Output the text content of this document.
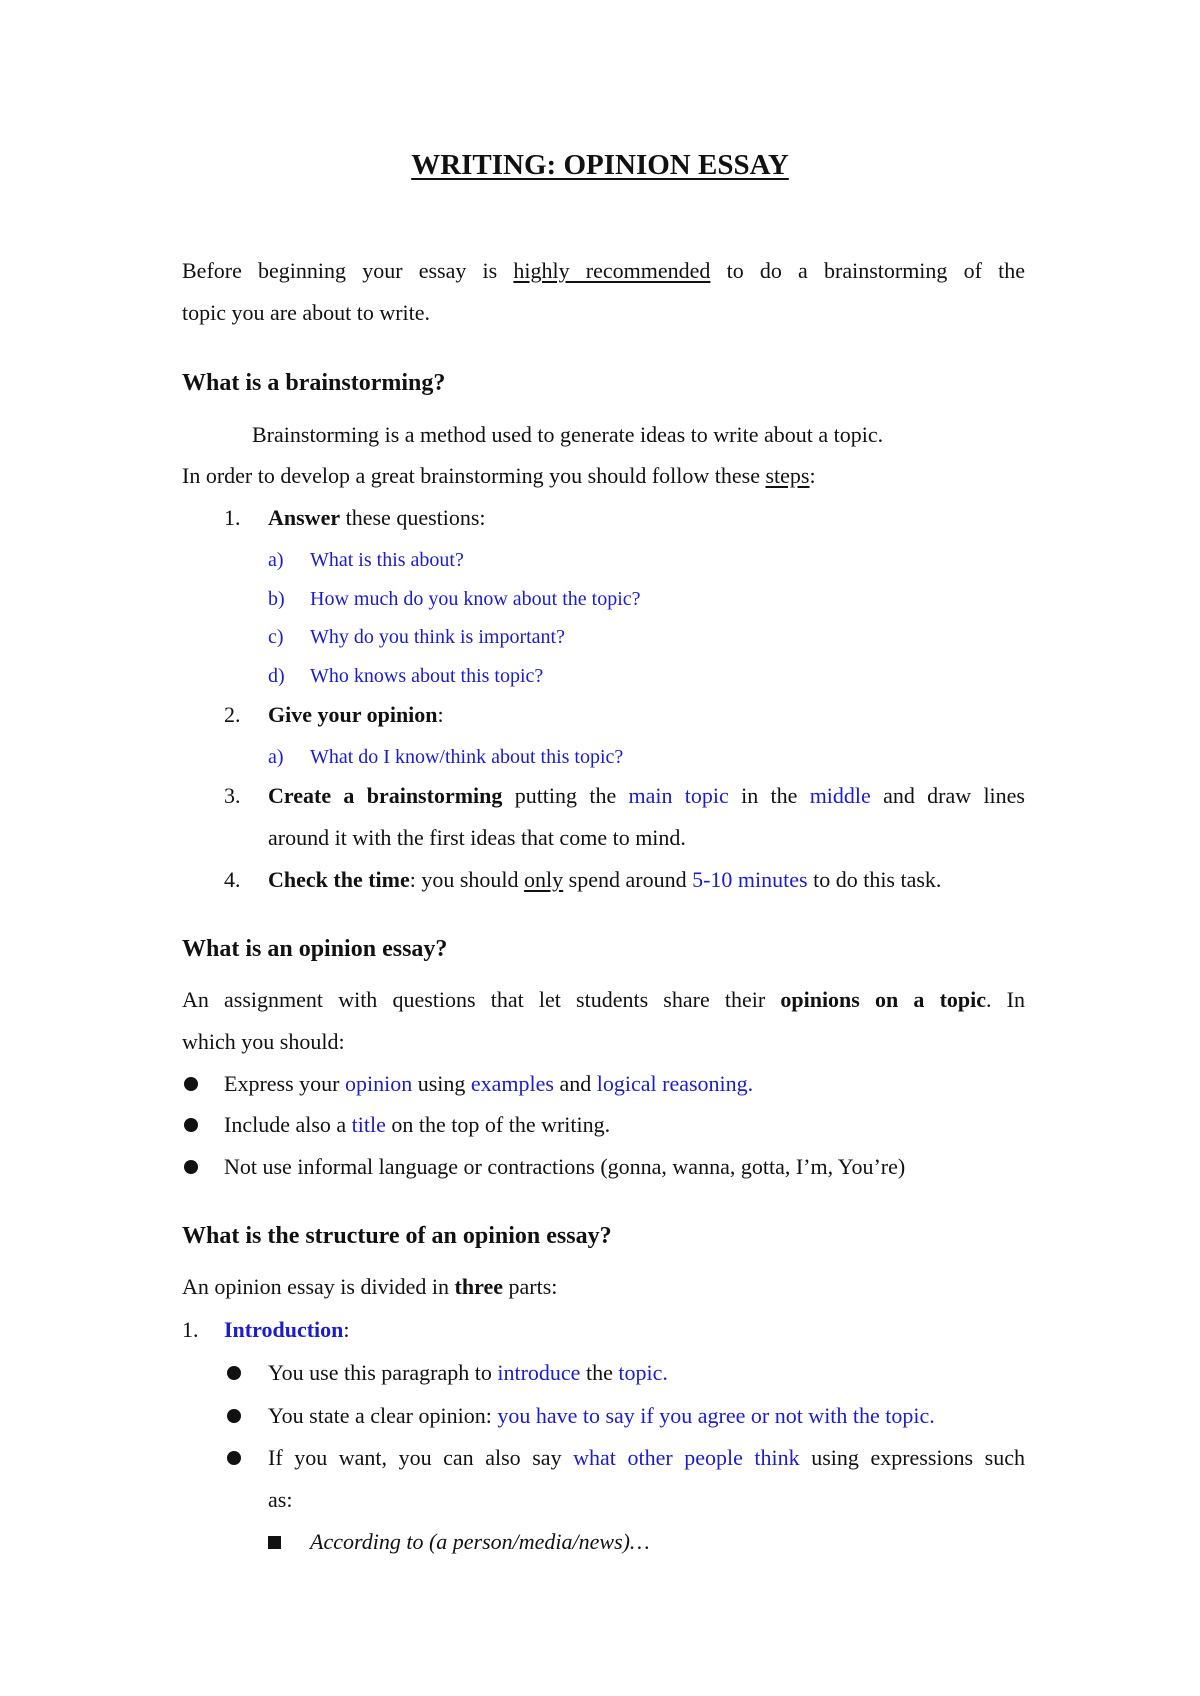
WRITING: OPINION ESSAY
Before beginning your essay is highly recommended to do a brainstorming of the
topic you are about to write.
What is a brainstorming?
Brainstorming is a method used to generate ideas to write about a topic.
In order to develop a great brainstorming you should follow these steps:
1. Answer these questions:
a) What is this about?
b) How much do you know about the topic?
c) Why do you think is important?
d) Who knows about this topic?
2. Give your opinion:
a) What do I know/think about this topic?
3. Create a brainstorming putting the main topic in the middle and draw lines
around it with the first ideas that come to mind.
4. Check the time: you should only spend around 5-10 minutes to do this task.
What is an opinion essay?
An assignment with questions that let students share their opinions on a topic. In
which you should:
Express your opinion using examples and logical reasoning.
Include also a title on the top of the writing.
Not use informal language or contractions (gonna, wanna, gotta, I’m, You’re)
What is the structure of an opinion essay?
An opinion essay is divided in three parts:
1. Introduction:
You use this paragraph to introduce the topic.
You state a clear opinion: you have to say if you agree or not with the topic.
If you want, you can also say what other people think using expressions such
as:
According to (a person/media/news)…
